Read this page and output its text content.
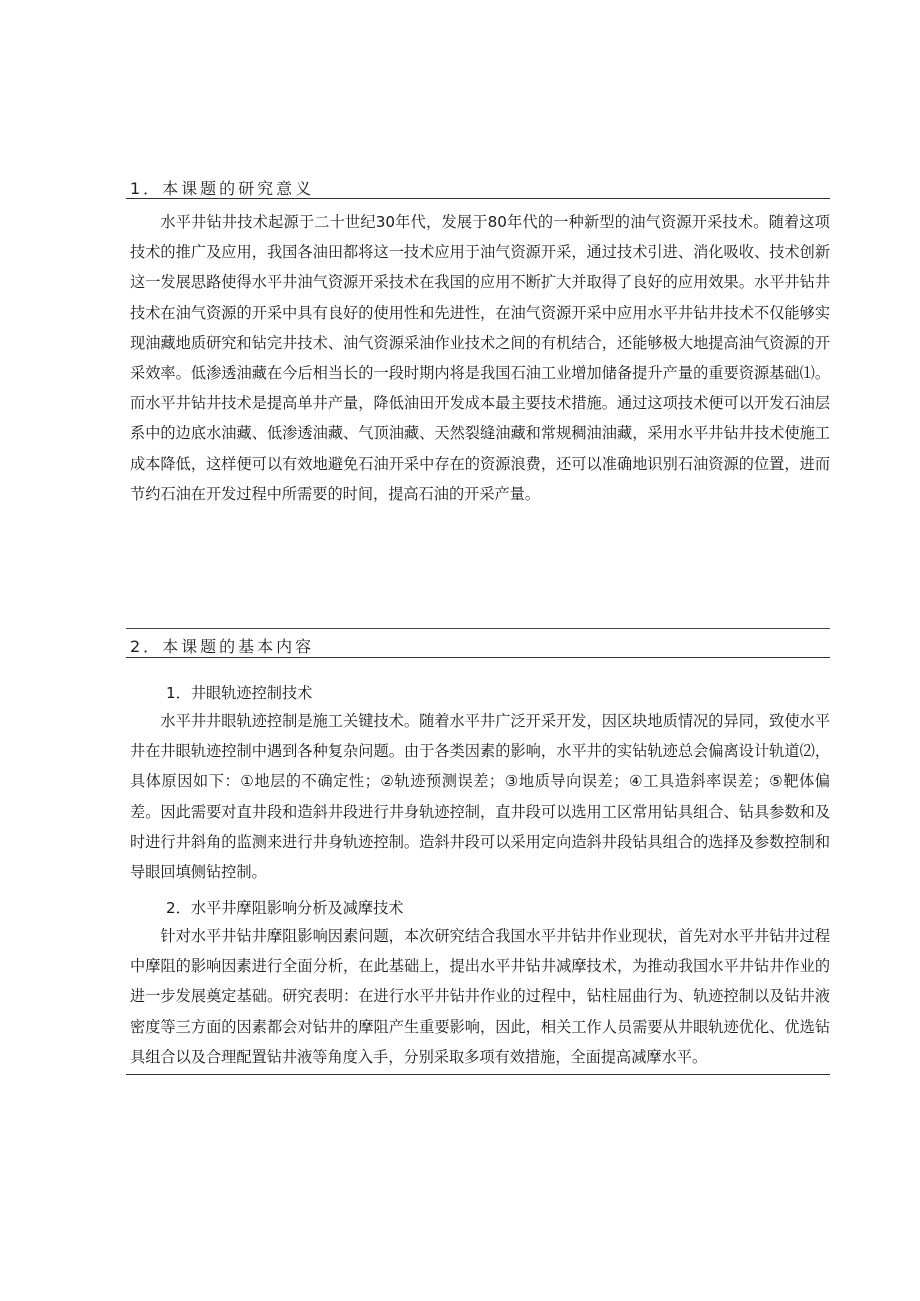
1．本课题的研究意义

水平井钻井技术起源于二十世纪30年代，发展于80年代的一种新型的油气资源开采技术。随着这项技术的推广及应用，我国各油田都将这一技术应用于油气资源开采，通过技术引进、消化吸收、技术创新这一发展思路使得水平井油气资源开采技术在我国的应用不断扩大并取得了良好的应用效果。水平井钻井技术在油气资源的开采中具有良好的使用性和先进性，在油气资源开采中应用水平井钻井技术不仅能够实现油藏地质研究和钻完井技术、油气资源采油作业技术之间的有机结合，还能够极大地提高油气资源的开采效率。低渗透油藏在今后相当长的一段时期内将是我国石油工业增加储备提升产量的重要资源基础⑴。而水平井钻井技术是提高单井产量，降低油田开发成本最主要技术措施。通过这项技术便可以开发石油层系中的边底水油藏、低渗透油藏、气顶油藏、天然裂缝油藏和常规稠油油藏，采用水平井钻井技术使施工成本降低，这样便可以有效地避免石油开采中存在的资源浪费，还可以准确地识别石油资源的位置，进而节约石油在开发过程中所需要的时间，提高石油的开采产量。

2．本课题的基本内容
1．井眼轨迹控制技术

水平井井眼轨迹控制是施工关键技术。随着水平井广泛开采开发，因区块地质情况的异同，致使水平井在井眼轨迹控制中遇到各种复杂问题。由于各类因素的影响，水平井的实钻轨迹总会偏离设计轨道⑵，具体原因如下：①地层的不确定性；②轨迹预测误差；③地质导向误差；④工具造斜率误差；⑤靶体偏差。因此需要对直井段和造斜井段进行井身轨迹控制，直井段可以选用工区常用钻具组合、钻具参数和及时进行井斜角的监测来进行井身轨迹控制。造斜井段可以采用定向造斜井段钻具组合的选择及参数控制和导眼回填侧钻控制。

2．水平井摩阻影响分析及减摩技术

针对水平井钻井摩阻影响因素问题，本次研究结合我国水平井钻井作业现状，首先对水平井钻井过程中摩阻的影响因素进行全面分析，在此基础上，提出水平井钻井减摩技术，为推动我国水平井钻井作业的进一步发展奠定基础。研究表明：在进行水平井钻井作业的过程中，钻柱屈曲行为、轨迹控制以及钻井液密度等三方面的因素都会对钻井的摩阻产生重要影响，因此，相关工作人员需要从井眼轨迹优化、优选钻具组合以及合理配置钻井液等角度入手，分别采取多项有效措施，全面提高减摩水平。
